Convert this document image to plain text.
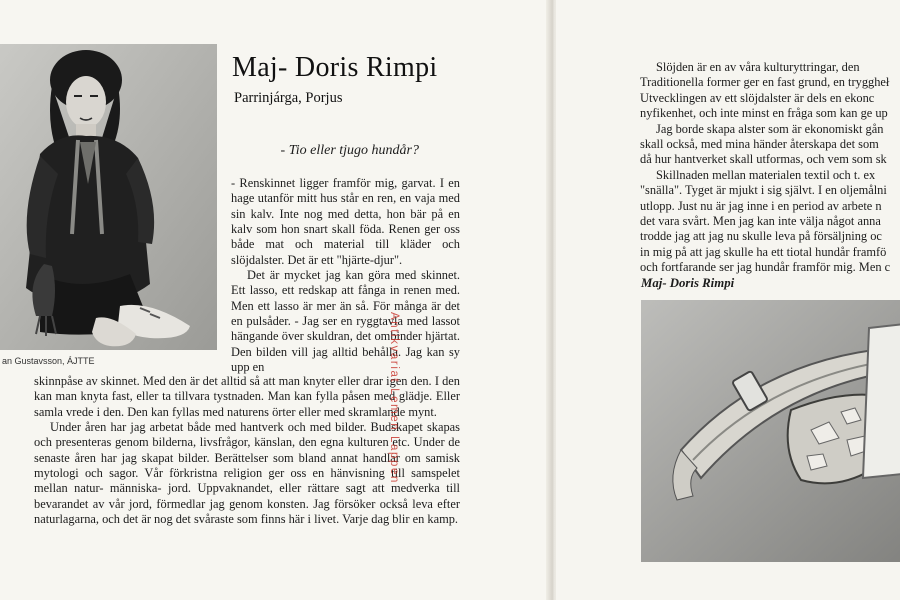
an Gustavsson, ÁJTTE
Maj- Doris Rimpi
Parrinjárga, Porjus
- Tio eller tjugo hundår?

- Renskinnet ligger framför mig, garvat. I en hage utanför mitt hus står en ren, en vaja med sin kalv. Inte nog med detta, hon bär på en kalv som hon snart skall föda. Renen ger oss både mat och material till kläder och slöjdalster. Det är ett "hjärte-djur".

Det är mycket jag kan göra med skinnet. Ett lasso, ett redskap att fånga in renen med. Men ett lasso är mer än så. För många är det en pulsåder. - Jag ser en ryggtavla med lassot hängande över skuldran, det ombinder hjärtat. Den bilden vill jag alltid behålla. Jag kan sy upp en

skinnpåse av skinnet. Med den är det alltid så att man knyter eller drar igen den. I den kan man knyta fast, eller ta tillvara tystnaden. Man kan fylla påsen med glädje. Eller samla vrede i den. Den kan fyllas med naturens örter eller med skramlande mynt.

Under åren har jag arbetat både med hantverk och med bilder. Budskapet skapas och presenteras genom bilderna, livsfrågor, känslan, den egna kulturen etc. Under de senaste åren har jag skapat bilder. Berättelser som bland annat handlar om samisk mytologi och sagor. Vår förkristna religion ger oss en hänvisning till samspelet mellan natur- människa- jord. Uppvaknandet, eller rättare sagt att medverka till bevarandet av vår jord, förmedlar jag genom konsten. Jag försöker också leva efter naturlagarna, och det är nog det svåraste som finns här i livet. Varje dag blir en kamp.

Antikvariat Lemen Lappen

Slöjden är en av våra kulturyttringar, den

Traditionella former ger en fast grund, en tryggheł

Utvecklingen av ett slöjdalster är dels en ekonc

nyfikenhet, och inte minst en fråga som kan ge up

Jag borde skapa alster som är ekonomiskt gån

skall också, med mina händer återskapa det som

då hur hantverket skall utformas, och vem som sk

Skillnaden mellan materialen textil och t. ex

"snälla". Tyget är mjukt i sig självt. I en oljemålni

utlopp. Just nu är jag inne i en period av arbete n

det vara svårt. Men jag kan inte välja något anna

trodde jag att jag nu skulle leva på försäljning oc

in mig på att jag skulle ha ett tiotal hundår framfö

och fortfarande ser jag hundår framför mig. Men c

Maj- Doris Rimpi
